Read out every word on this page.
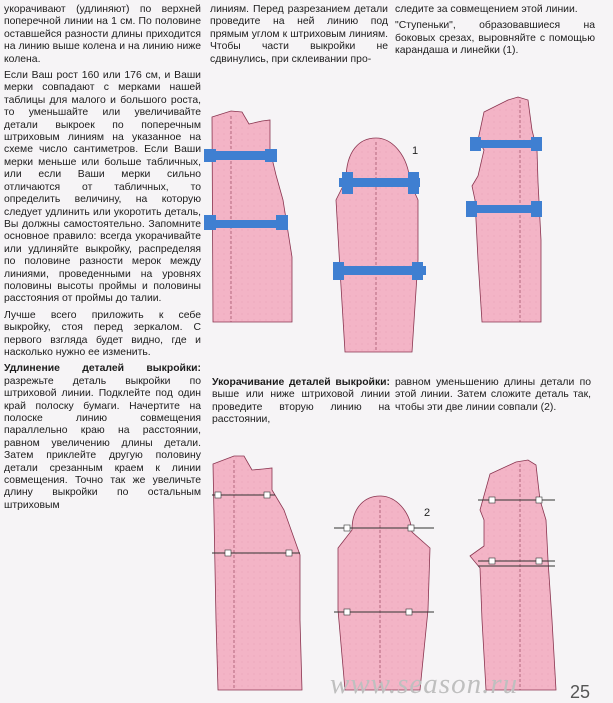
укорачивают (удлиняют) по верхней поперечной линии на 1 см. По половине оставшейся разности длины приходится на линию выше колена и на линию ниже колена.

Если Ваш рост 160 или 176 см, и Ваши мерки совпадают с мерками нашей таблицы для малого и большого роста, то уменьшайте или увеличивайте детали выкроек по поперечным штриховым линиям на указанное на схеме число сантиметров. Если Ваши мерки меньше или больше табличных, или если Ваши мерки сильно отличаются от табличных, то определить величину, на которую следует удлинить или укоротить деталь, Вы должны самостоятельно. Запомните основное правило: всегда укорачивайте или удлиняйте выкройку, распределяя по половине разности мерок между линиями, проведенными на уровнях половины высоты проймы и половины расстояния от проймы до талии.

Лучше всего приложить к себе выкройку, стоя перед зеркалом. С первого взгляда будет видно, где и насколько нужно ее изменить.

Удлинение деталей выкройки: разрежьте деталь выкройки по штриховой линии. Подклейте под один край полоску бумаги. Начертите на полоске линию совмещения параллельно краю на расстоянии, равном увеличению длины детали. Затем приклейте другую половину детали срезанным краем к линии совмещения. Точно так же увеличьте длину выкройки по остальным штриховым

линиям. Перед разрезанием детали проведите на ней линию под прямым углом к штриховым линиям. Чтобы части выкройки не сдвинулись, при склеивании про-

следите за совмещением этой линии.

"Ступеньки", образовавшиеся на боковых срезах, выровняйте с помощью карандаша и линейки (1).

Укорачивание деталей выкройки: выше или ниже штриховой линии проведите вторую линию на расстоянии,

равном уменьшению длины детали по этой линии. Затем сложите деталь так, чтобы эти две линии совпали (2).

1
2
www.season.ru	25
